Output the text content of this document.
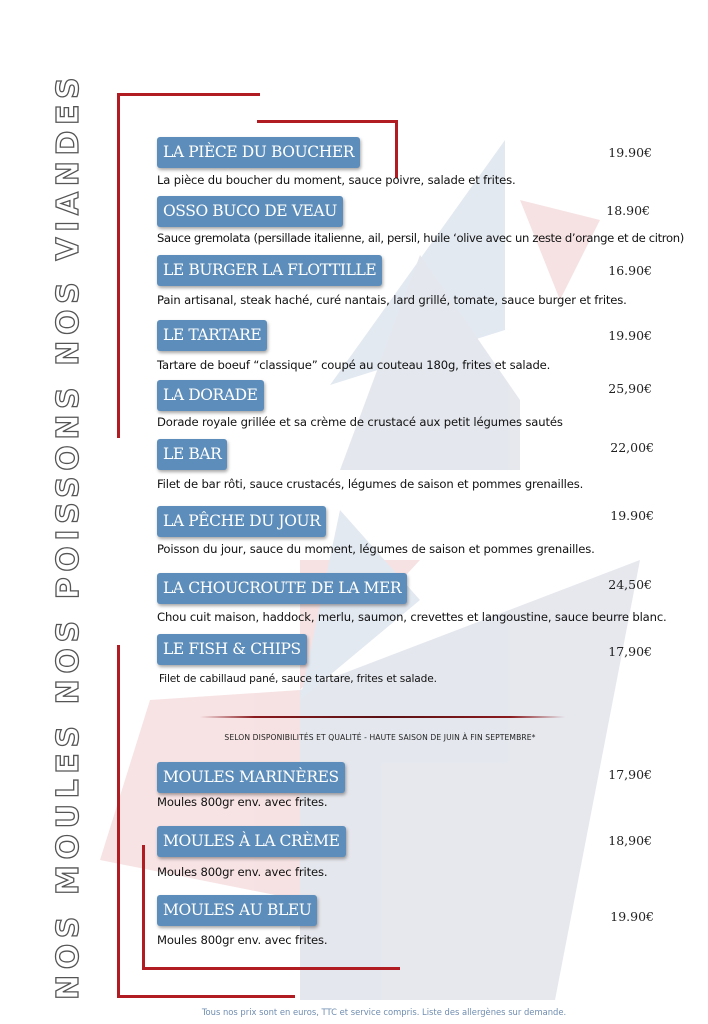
NOS MOULES NOS POISSONS NOS VIANDES	LA PIÈCE DU BOUCHER	19.90€
La pièce du boucher du moment, sauce poivre, salade et frites.
OSSO BUCO DE VEAU	18.90€
Sauce gremolata (persillade italienne, ail, persil, huile ‘olive avec un zeste d’orange et de citron)
LE BURGER LA FLOTTILLE	16.90€
Pain artisanal, steak haché, curé nantais, lard grillé, tomate, sauce burger et frites.
LE TARTARE	19.90€
Tartare de boeuf “classique” coupé au couteau 180g, frites et salade.
LA DORADE	25,90€
Dorade royale grillée et sa crème de crustacé aux petit légumes sautés
LE BAR	22,00€
Filet de bar rôti, sauce crustacés, légumes de saison et pommes grenailles.
LA PÊCHE DU JOUR	19.90€
Poisson du jour, sauce du moment, légumes de saison et pommes grenailles.
LA CHOUCROUTE DE LA MER	24,50€
Chou cuit maison, haddock, merlu, saumon, crevettes et langoustine, sauce beurre blanc.
LE FISH & CHIPS	17,90€
Filet de cabillaud pané, sauce tartare, frites et salade.
SELON DISPONIBILITÉS ET QUALITÉ - HAUTE SAISON DE JUIN À FIN SEPTEMBRE*
MOULES MARINÈRES	17,90€
Moules 800gr env. avec frites.
MOULES À LA CRÈME	18,90€
Moules 800gr env. avec frites.
MOULES AU BLEU	19.90€
Moules 800gr env. avec frites.
Tous nos prix sont en euros, TTC et service compris. Liste des allergènes sur demande.
